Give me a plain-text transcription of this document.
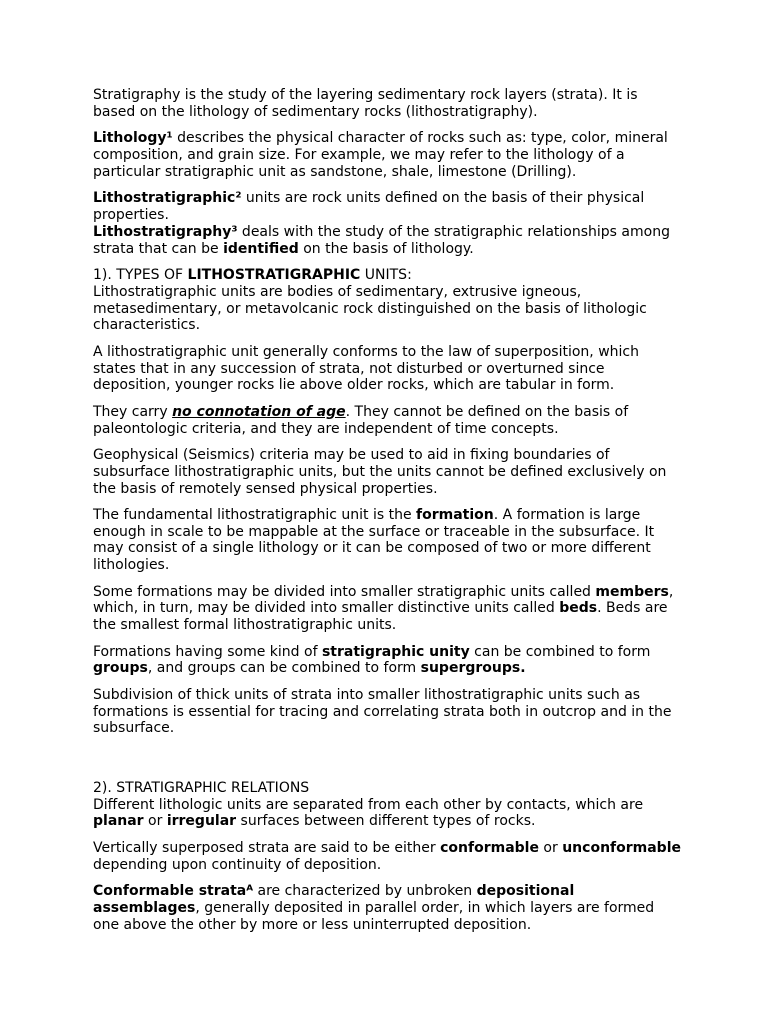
Stratigraphy is the study of the layering sedimentary rock layers (strata). It is based on the lithology of sedimentary rocks (lithostratigraphy).

Lithology¹ describes the physical character of rocks such as: type, color, mineral composition, and grain size. For example, we may refer to the lithology of a particular stratigraphic unit as sandstone, shale, limestone (Drilling).

Lithostratigraphic² units are rock units defined on the basis of their physical properties.

Lithostratigraphy³ deals with the study of the stratigraphic relationships among strata that can be identified on the basis of lithology.

1). TYPES OF LITHOSTRATIGRAPHIC UNITS:

Lithostratigraphic units are bodies of sedimentary, extrusive igneous, metasedimentary, or metavolcanic rock distinguished on the basis of lithologic characteristics.

A lithostratigraphic unit generally conforms to the law of superposition, which states that in any succession of strata, not disturbed or overturned since deposition, younger rocks lie above older rocks, which are tabular in form.

They carry no connotation of age. They cannot be defined on the basis of paleontologic criteria, and they are independent of time concepts.

Geophysical (Seismics) criteria may be used to aid in fixing boundaries of subsurface lithostratigraphic units, but the units cannot be defined exclusively on the basis of remotely sensed physical properties.

The fundamental lithostratigraphic unit is the formation. A formation is large enough in scale to be mappable at the surface or traceable in the subsurface. It may consist of a single lithology or it can be composed of two or more different lithologies.

Some formations may be divided into smaller stratigraphic units called members, which, in turn, may be divided into smaller distinctive units called beds. Beds are the smallest formal lithostratigraphic units.

Formations having some kind of stratigraphic unity can be combined to form groups, and groups can be combined to form supergroups.

Subdivision of thick units of strata into smaller lithostratigraphic units such as formations is essential for tracing and correlating strata both in outcrop and in the subsurface.

2). STRATIGRAPHIC RELATIONS

Different lithologic units are separated from each other by contacts, which are planar or irregular surfaces between different types of rocks.

Vertically superposed strata are said to be either conformable or unconformable depending upon continuity of deposition.

Conformable strataᴬ are characterized by unbroken depositional assemblages, generally deposited in parallel order, in which layers are formed one above the other by more or less uninterrupted deposition.
